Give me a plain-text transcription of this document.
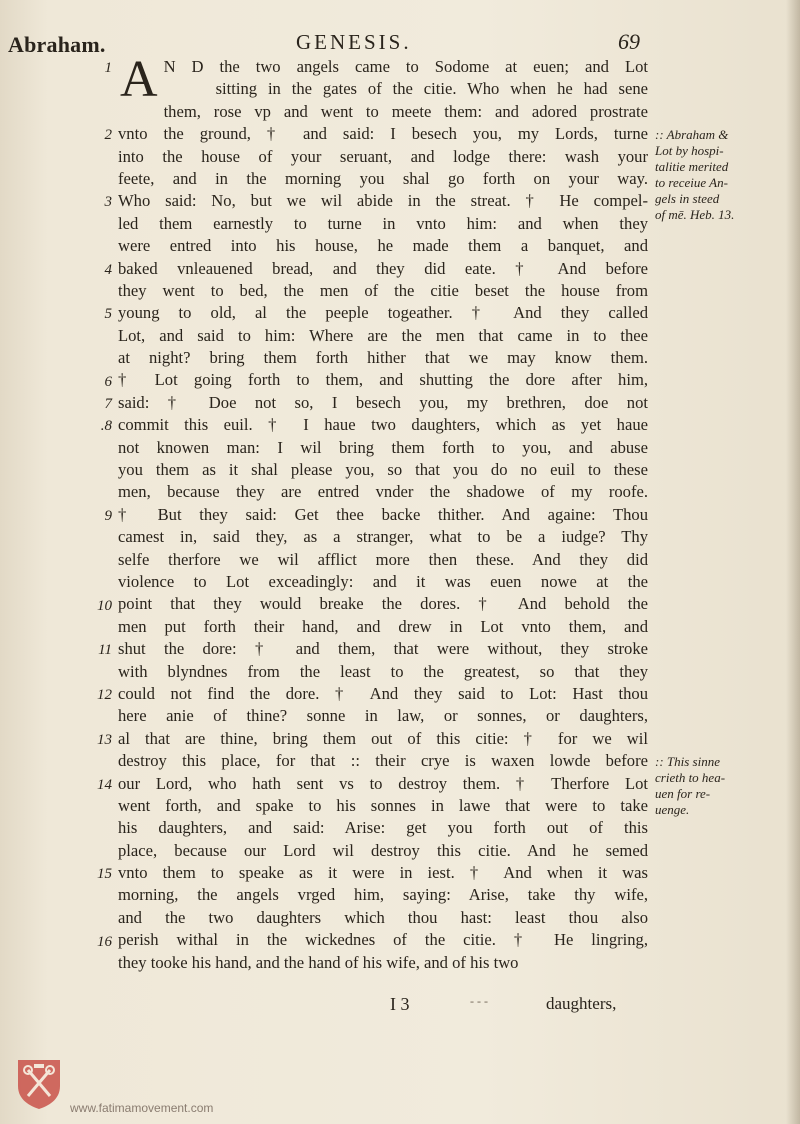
Abraham.	GENESIS.	69
1
2
3
4
5
6
7
.8
9
10
11
12
13
14
15
16
A N D the two angels came to Sodome at euen; and Lot
sitting in the gates of the citie. Who when he had sene
them, rose vp and went to meete them: and adored prostrate
vnto the ground, † and said: I besech you, my Lords, turne
into the house of your seruant, and lodge there: wash your
feete, and in the morning you shal go forth on your way.
Who said: No, but we wil abide in the streat. † He compel-
led them earnestly to turne in vnto him: and when they
were entred into his house, he made them a banquet, and
baked vnleauened bread, and they did eate. † And before
they went to bed, the men of the citie beset the house from
young to old, al the peeple togeather. † And they called
Lot, and said to him: Where are the men that came in to thee
at night? bring them forth hither that we may know them.
† Lot going forth to them, and shutting the dore after him,
said: † Doe not so, I besech you, my brethren, doe not
commit this euil. † I haue two daughters, which as yet haue
not knowen man: I wil bring them forth to you, and abuse
you them as it shal please you, so that you do no euil to these
men, because they are entred vnder the shadowe of my roofe.
† But they said: Get thee backe thither. And againe: Thou
camest in, said they, as a stranger, what to be a iudge? Thy
selfe therfore we wil afflict more then these. And they did
violence to Lot exceadingly: and it was euen nowe at the
point that they would breake the dores. † And behold the
men put forth their hand, and drew in Lot vnto them, and
shut the dore: † and them, that were without, they stroke
with blyndnes from the least to the greatest, so that they
could not find the dore. † And they said to Lot: Hast thou
here anie of thine? sonne in law, or sonnes, or daughters,
al that are thine, bring them out of this citie: † for we wil
destroy this place, for that :: their crye is waxen lowde before
our Lord, who hath sent vs to destroy them. † Therfore Lot
went forth, and spake to his sonnes in lawe that were to take
his daughters, and said: Arise: get you forth out of this
place, because our Lord wil destroy this citie. And he semed
vnto them to speake as it were in iest. † And when it was
morning, the angels vrged him, saying: Arise, take thy wife,
and the two daughters which thou hast: least thou also
perish withal in the wickednes of the citie. † He lingring,
they tooke his hand, and the hand of his wife, and of his two
:: Abraham &
Lot by hospi-
talitie merited
to receiue An-
gels in steed
of mē. Heb. 13.
:: This sinne
crieth to hea-
uen for re-
uenge.
I 3	- - -	daughters,
www.fatimamovement.com
